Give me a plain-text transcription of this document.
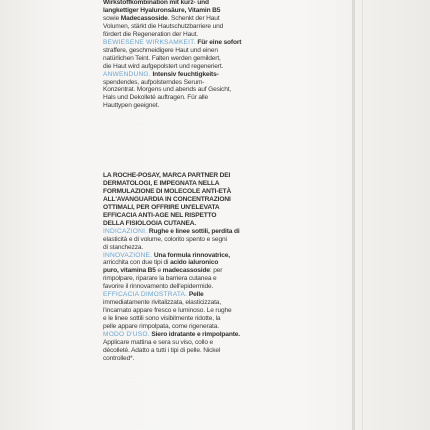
Wirkstoffkombination mit kurz- und
langkettiger Hyaluronsäure, Vitamin B5
sowie Madecassoside. Schenkt der Haut
Volumen, stärkt die Hautschutzbarriere und
fördert die Regeneration der Haut.
BEWIESENE WIRKSAMKEIT. Für eine sofort
straffere, geschmeidigere Haut und einen
natürlichen Teint. Falten werden gemildert,
die Haut wird aufgepolstert und regeneriert.
ANWENDUNG. Intensiv feuchtigkeits-
spendendes, aufpolsterndes Serum-
Konzentrat. Morgens und abends auf Gesicht,
Hals und Dekolleté auftragen. Für alle
Hauttypen geeignet.
LA ROCHE-POSAY, MARCA PARTNER DEI
DERMATOLOGI, E IMPEGNATA NELLA
FORMULAZIONE DI MOLECOLE ANTI-ETÀ
ALL'AVANGUARDIA IN CONCENTRAZIONI
OTTIMALI, PER OFFRIRE UN'ELEVATA
EFFICACIA ANTI-AGE NEL RISPETTO
DELLA FISIOLOGIA CUTANEA.
INDICAZIONI. Rughe e linee sottili, perdita di
elasticità e di volume, colorito spento e segni
di stanchezza.
INNOVAZIONE. Una formula rinnovatrice,
arricchita con due tipi di acido ialuronico
puro, vitamina B5 e madecassoside: per
rimpolpare, riparare la barriera cutanea e
favorire il rinnovamento dell'epidermide.
EFFICACIA DIMOSTRATA. Pelle
immediatamente rivitalizzata, elasticizzata,
l'incarnato appare fresco e luminoso. Le rughe
e le linee sottili sono visibilmente ridotte, la
pelle appare rimpolpata, come rigenerata.
MODO D'USO. Siero idratante e rimpolpante.
Applicare mattina e sera su viso, collo e
décolleté. Adatto a tutti i tipi di pelle. Nickel
controlled*.
